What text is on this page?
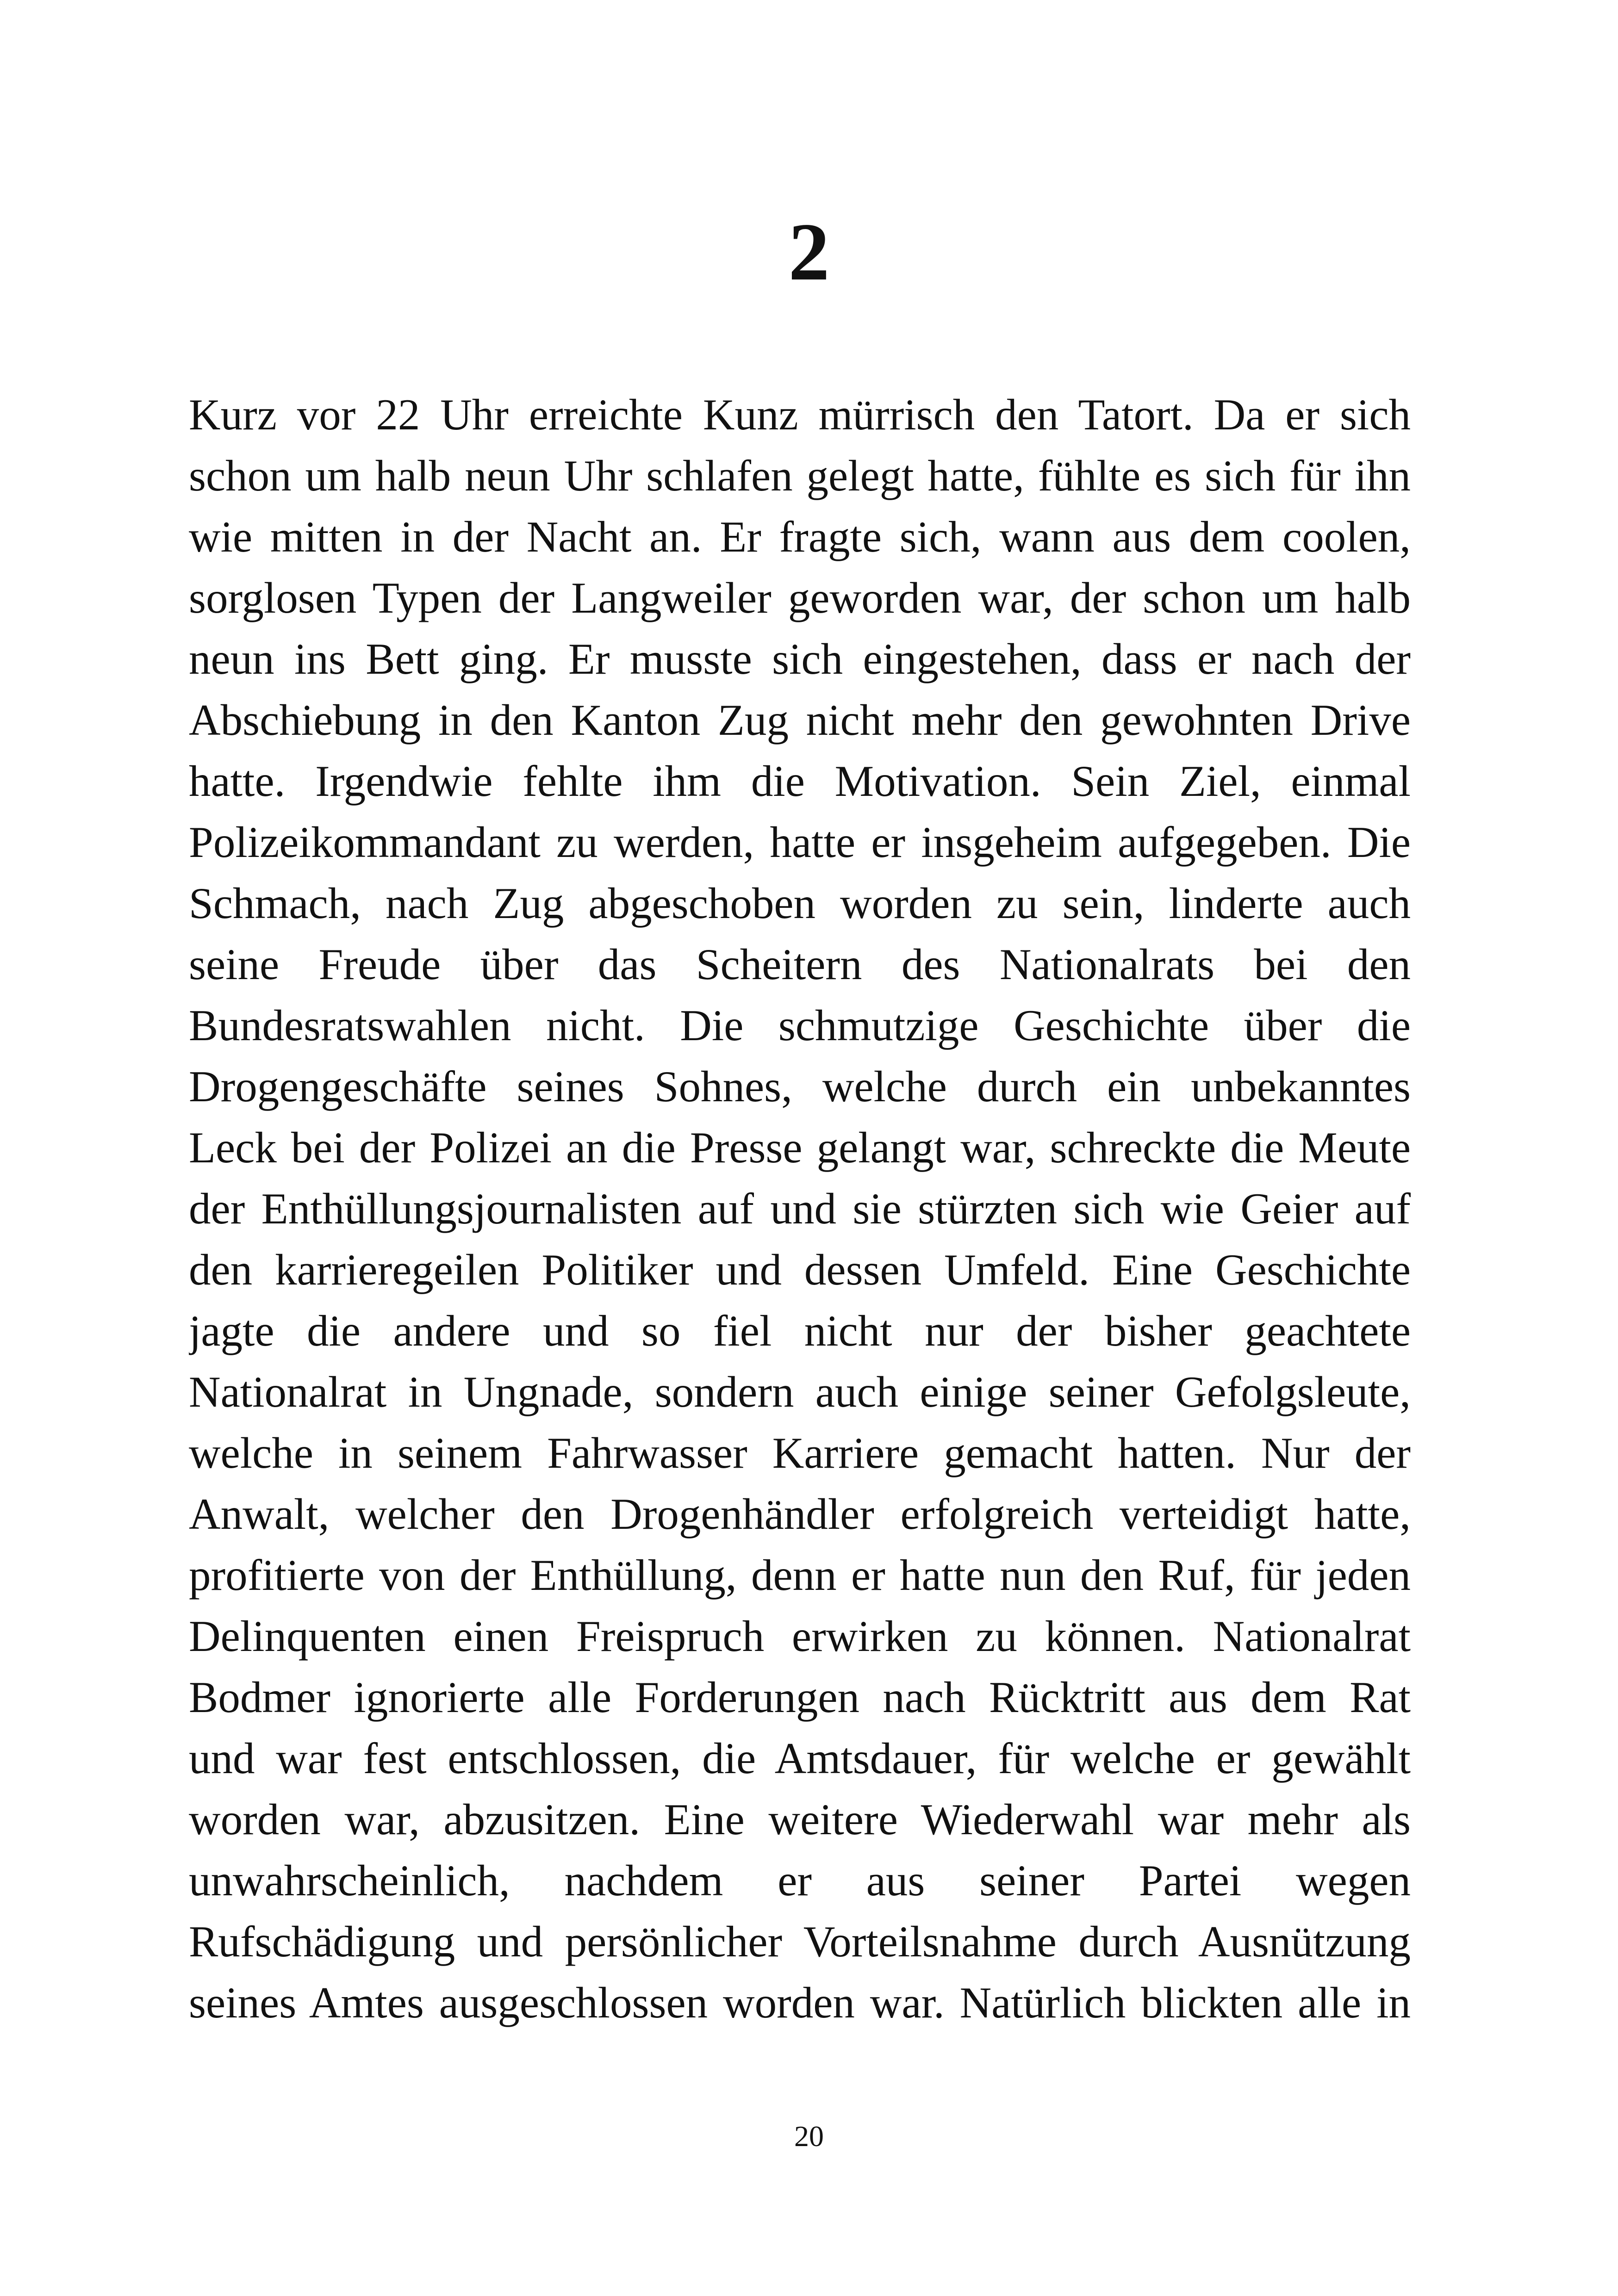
2
Kurz vor 22 Uhr erreichte Kunz mürrisch den Tatort. Da er sich
schon um halb neun Uhr schlafen gelegt hatte, fühlte es sich für ihn
wie mitten in der Nacht an. Er fragte sich, wann aus dem coolen,
sorglosen Typen der Langweiler geworden war, der schon um halb
neun ins Bett ging. Er musste sich eingestehen, dass er nach der
Abschiebung in den Kanton Zug nicht mehr den gewohnten Drive
hatte. Irgendwie fehlte ihm die Motivation. Sein Ziel, einmal
Polizeikommandant zu werden, hatte er insgeheim aufgegeben. Die
Schmach, nach Zug abgeschoben worden zu sein, linderte auch
seine Freude über das Scheitern des Nationalrats bei den
Bundesratswahlen nicht. Die schmutzige Geschichte über die
Drogengeschäfte seines Sohnes, welche durch ein unbekanntes
Leck bei der Polizei an die Presse gelangt war, schreckte die Meute
der Enthüllungsjournalisten auf und sie stürzten sich wie Geier auf
den karrieregeilen Politiker und dessen Umfeld. Eine Geschichte
jagte die andere und so fiel nicht nur der bisher geachtete
Nationalrat in Ungnade, sondern auch einige seiner Gefolgsleute,
welche in seinem Fahrwasser Karriere gemacht hatten. Nur der
Anwalt, welcher den Drogenhändler erfolgreich verteidigt hatte,
profitierte von der Enthüllung, denn er hatte nun den Ruf, für jeden
Delinquenten einen Freispruch erwirken zu können. Nationalrat
Bodmer ignorierte alle Forderungen nach Rücktritt aus dem Rat
und war fest entschlossen, die Amtsdauer, für welche er gewählt
worden war, abzusitzen. Eine weitere Wiederwahl war mehr als
unwahrscheinlich, nachdem er aus seiner Partei wegen
Rufschädigung und persönlicher Vorteilsnahme durch Ausnützung
seines Amtes ausgeschlossen worden war. Natürlich blickten alle in
20
